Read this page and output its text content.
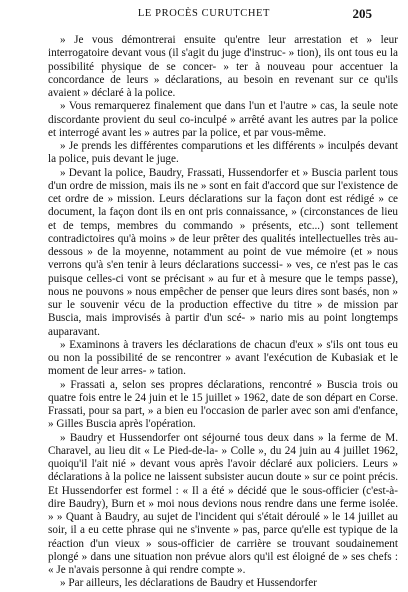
LE PROCÈS CURUTCHET	205

» Je vous démontrerai ensuite qu'entre leur arrestation et » leur interrogatoire devant vous (il s'agit du juge d'instruc- » tion), ils ont tous eu la possibilité physique de se concer- » ter à nouveau pour accentuer la concordance de leurs » déclarations, au besoin en revenant sur ce qu'ils avaient » déclaré à la police.

» Vous remarquerez finalement que dans l'un et l'autre » cas, la seule note discordante provient du seul co-inculpé » arrêté avant les autres par la police et interrogé avant les » autres par la police, et par vous-même.

» Je prends les différentes comparutions et les différents » inculpés devant la police, puis devant le juge.

» Devant la police, Baudry, Frassati, Hussendorfer et » Buscia parlent tous d'un ordre de mission, mais ils ne » sont en fait d'accord que sur l'existence de cet ordre de » mission. Leurs déclarations sur la façon dont est rédigé » ce document, la façon dont ils en ont pris connaissance, » (circonstances de lieu et de temps, membres du commando » présents, etc...) sont tellement contradictoires qu'à moins » de leur prêter des qualités intellectuelles très au-dessous » de la moyenne, notamment au point de vue mémoire (et » nous verrons qu'à s'en tenir à leurs déclarations successi- » ves, ce n'est pas le cas puisque celles-ci vont se précisant » au fur et à mesure que le temps passe), nous ne pouvons » nous empêcher de penser que leurs dires sont basés, non » sur le souvenir vécu de la production effective du titre » de mission par Buscia, mais improvisés à partir d'un scé- » nario mis au point longtemps auparavant.

» Examinons à travers les déclarations de chacun d'eux » s'ils ont tous eu ou non la possibilité de se rencontrer » avant l'exécution de Kubasiak et le moment de leur arres- » tation.

» Frassati a, selon ses propres déclarations, rencontré » Buscia trois ou quatre fois entre le 24 juin et le 15 juillet » 1962, date de son départ en Corse. Frassati, pour sa part, » a bien eu l'occasion de parler avec son ami d'enfance, » Gilles Buscia après l'opération.

» Baudry et Hussendorfer ont séjourné tous deux dans » la ferme de M. Charavel, au lieu dit « Le Pied-de-la- » Colle », du 24 juin au 4 juillet 1962, quoiqu'il l'ait nié » devant vous après l'avoir déclaré aux policiers. Leurs » déclarations à la police ne laissent subsister aucun doute » sur ce point précis. Et Hussendorfer est formel : « Il a été » décidé que le sous-officier (c'est-à-dire Baudry), Burn et » moi nous devions nous rendre dans une ferme isolée. » » Quant à Baudry, au sujet de l'incident qui s'était déroulé » le 14 juillet au soir, il a eu cette phrase qui ne s'invente » pas, parce qu'elle est typique de la réaction d'un vieux » sous-officier de carrière se trouvant soudainement plongé » dans une situation non prévue alors qu'il est éloigné de » ses chefs : « Je n'avais personne à qui rendre compte ».

» Par ailleurs, les déclarations de Baudry et Hussendorfer
